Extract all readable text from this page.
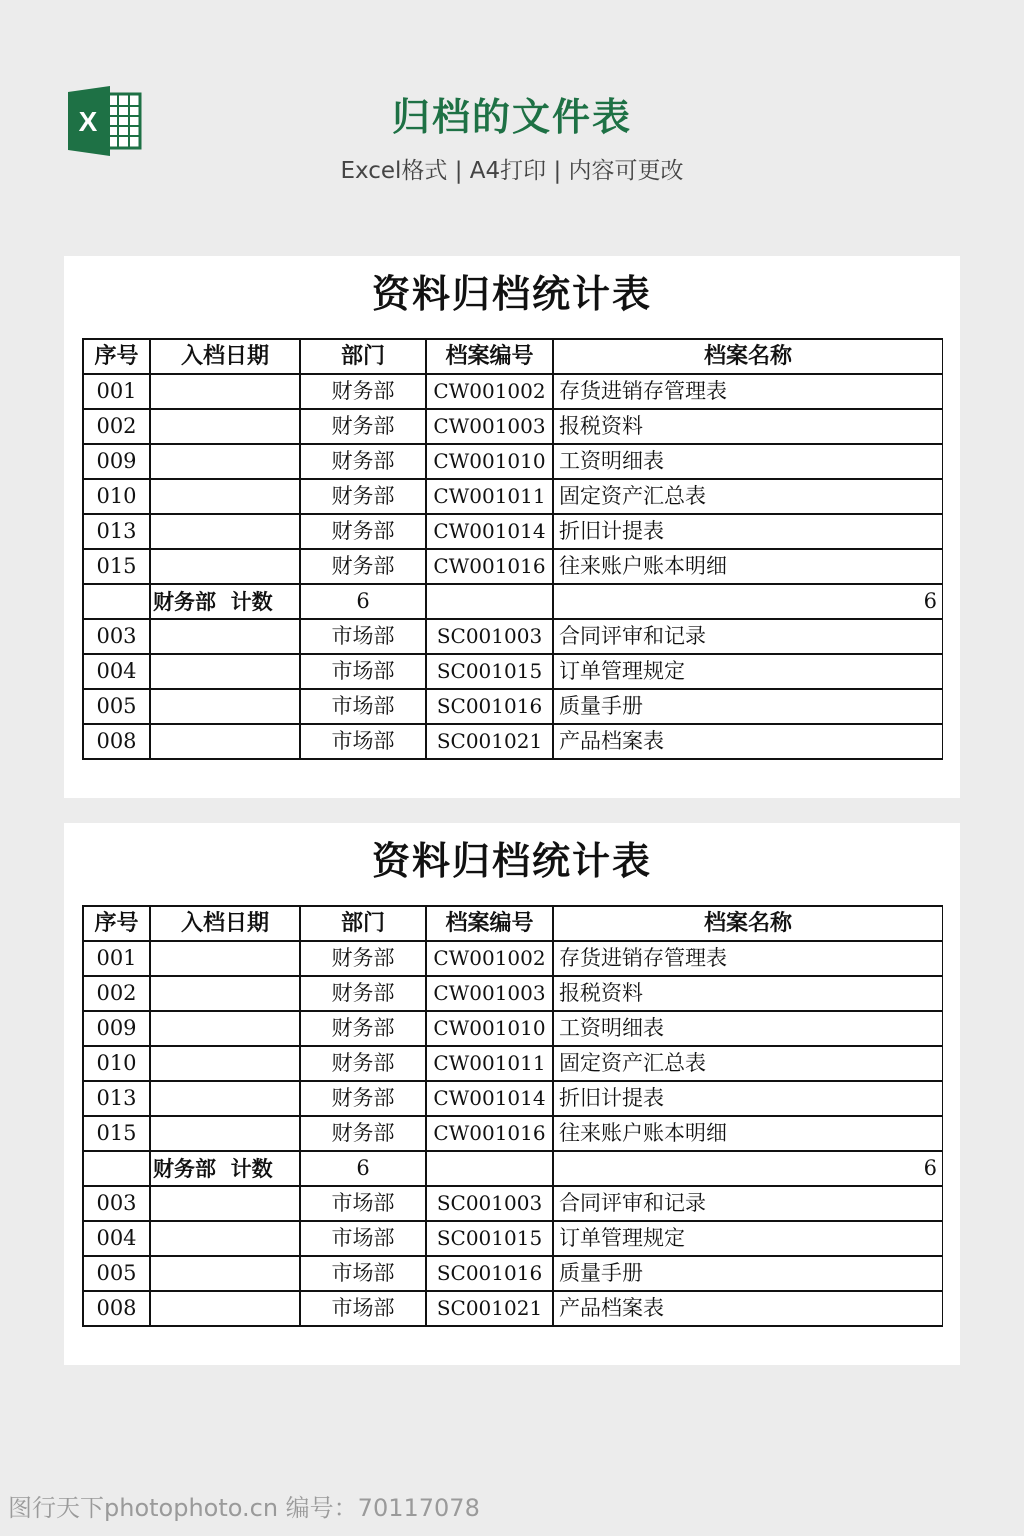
X	归档的文件表
Excel格式 | A4打印 | 内容可更改
资料归档统计表
序号	入档日期	部门	档案编号	档案名称
001		财务部	CW001002	存货进销存管理表
002		财务部	CW001003	报税资料
009		财务部	CW001010	工资明细表
010		财务部	CW001011	固定资产汇总表
013		财务部	CW001014	折旧计提表
015		财务部	CW001016	往来账户账本明细
	财务部  计数	6		6
003		市场部	SC001003	合同评审和记录
004		市场部	SC001015	订单管理规定
005		市场部	SC001016	质量手册
008		市场部	SC001021	产品档案表
资料归档统计表
序号	入档日期	部门	档案编号	档案名称
001		财务部	CW001002	存货进销存管理表
002		财务部	CW001003	报税资料
009		财务部	CW001010	工资明细表
010		财务部	CW001011	固定资产汇总表
013		财务部	CW001014	折旧计提表
015		财务部	CW001016	往来账户账本明细
	财务部  计数	6		6
003		市场部	SC001003	合同评审和记录
004		市场部	SC001015	订单管理规定
005		市场部	SC001016	质量手册
008		市场部	SC001021	产品档案表
图行天下photophoto.cn 编号：70117078
